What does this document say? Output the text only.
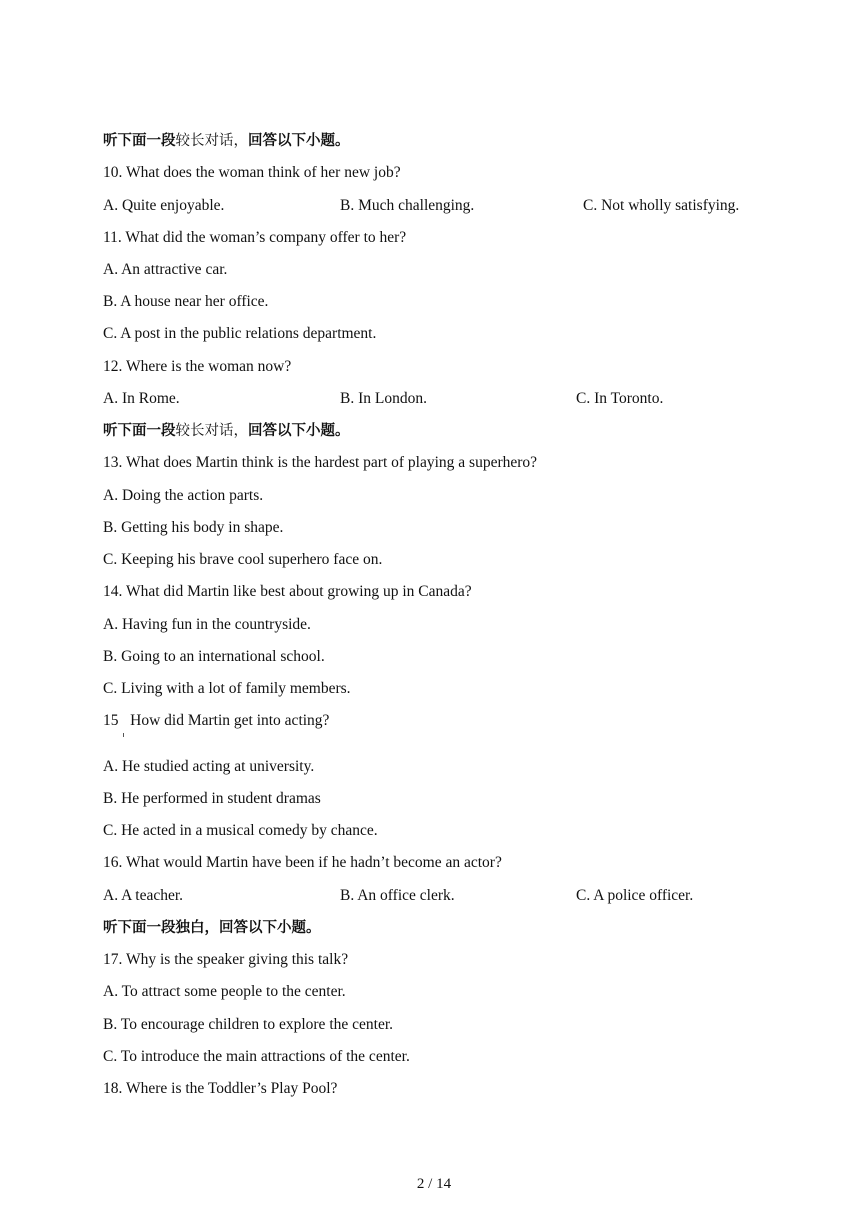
听下面一段较长对话，回答以下小题。
10. What does the woman think of her new job?
A. Quite enjoyable.	B. Much challenging.	C. Not wholly satisfying.
11. What did the woman’s company offer to her?
A. An attractive car.
B. A house near her office.
C. A post in the public relations department.
12. Where is the woman now?
A. In Rome.	B. In London.	C. In Toronto.
听下面一段较长对话，回答以下小题。
13. What does Martin think is the hardest part of playing a superhero?
A. Doing the action parts.
B. Getting his body in shape.
C. Keeping his brave cool superhero face on.
14. What did Martin like best about growing up in Canada?
A. Having fun in the countryside.
B. Going to an international school.
C. Living with a lot of family members.
15   How did Martin get into acting?
A. He studied acting at university.
B. He performed in student dramas
C. He acted in a musical comedy by chance.
16. What would Martin have been if he hadn’t become an actor?
A. A teacher.	B. An office clerk.	C. A police officer.
听下面一段独白，回答以下小题。
17. Why is the speaker giving this talk?
A. To attract some people to the center.
B. To encourage children to explore the center.
C. To introduce the main attractions of the center.
18. Where is the Toddler’s Play Pool?
2 / 14
